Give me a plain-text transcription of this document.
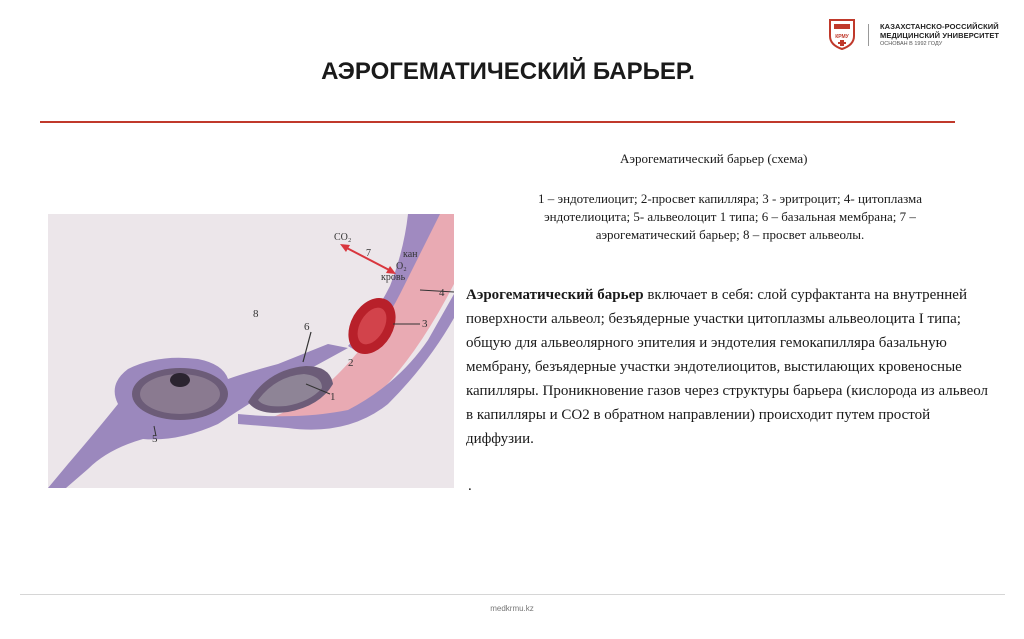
КРМУ
КАЗАХСТАНСКО-РОССИЙСКИЙ
МЕДИЦИНСКИЙ УНИВЕРСИТЕТ
ОСНОВАН В 1992 ГОДУ
АЭРОГЕМАТИЧЕСКИЙ БАРЬЕР.
CO₂
O₂
кан
кровь
7
4
3
2
6
1
8
5
Аэрогематический барьер (схема)
1 – эндотелиоцит; 2-просвет капилляра; 3 - эритроцит; 4- цитоплазма
эндотелиоцита; 5- альвеолоцит 1 типа; 6 – базальная мембрана; 7 –
аэрогематический барьер; 8 – просвет альвеолы.
Аэрогематический барьер включает в себя: слой сурфактанта на внутренней поверхности альвеол; безъядерные участки цитоплазмы альвеолоцита I типа; общую для альвеолярного эпителия и эндотелия гемокапилляра базальную мембрану, безъядерные участки эндотелиоцитов, выстилающих кровеносные капилляры. Проникновение газов через структуры барьера (кислорода из альвеол в капилляры и СО2 в обратном направлении) происходит путем простой диффузии.
.
medkrmu.kz
